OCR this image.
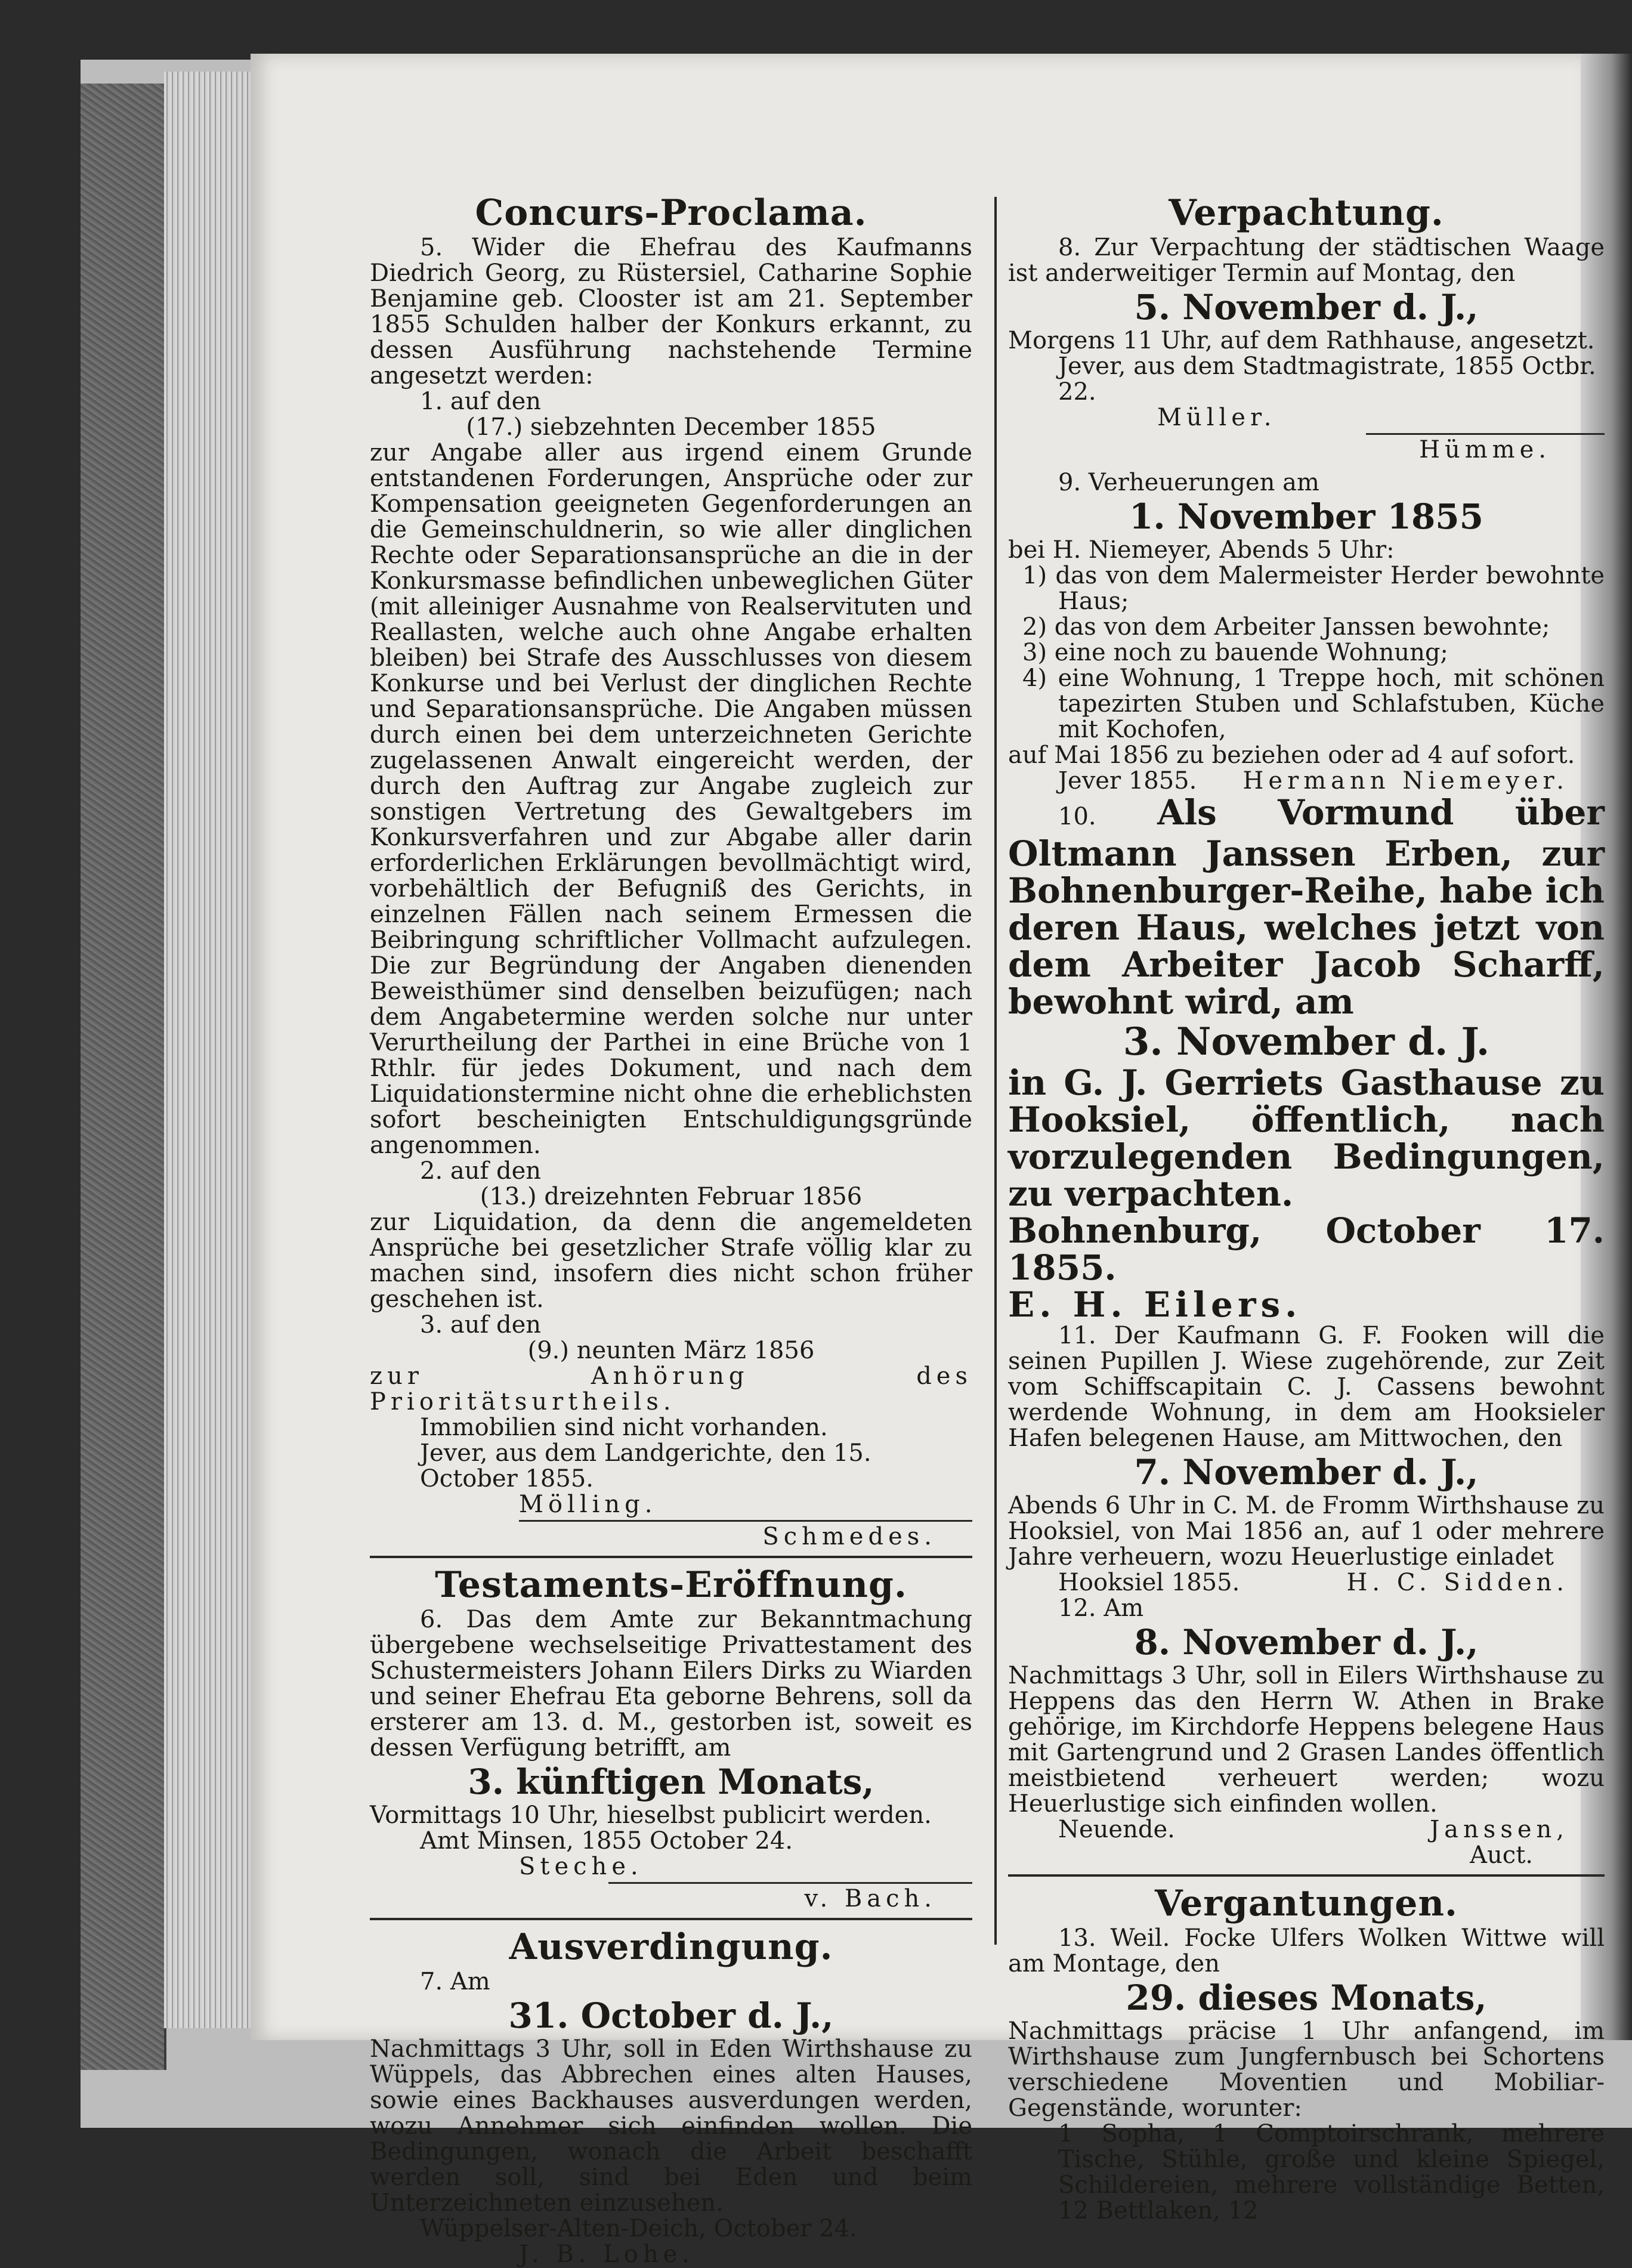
Concurs-Proclama.

5. Wider die Ehefrau des Kaufmanns Diedrich Georg, zu Rüstersiel, Catharine Sophie Benjamine geb. Clooster ist am 21. September 1855 Schulden halber der Konkurs erkannt, zu dessen Ausführung nachstehende Termine angesetzt werden:

1. auf den
(17.) siebzehnten December 1855

zur Angabe aller aus irgend einem Grunde entstandenen Forderungen, Ansprüche oder zur Kompensation geeigneten Gegenforderungen an die Gemeinschuldnerin, so wie aller dinglichen Rechte oder Separationsansprüche an die in der Konkursmasse befindlichen unbeweglichen Güter (mit alleiniger Ausnahme von Realservituten und Reallasten, welche auch ohne Angabe erhalten bleiben) bei Strafe des Ausschlusses von diesem Konkurse und bei Verlust der dinglichen Rechte und Separationsansprüche. Die Angaben müssen durch einen bei dem unterzeichneten Gerichte zugelassenen Anwalt eingereicht werden, der durch den Auftrag zur Angabe zugleich zur sonstigen Vertretung des Gewaltgebers im Konkursverfahren und zur Abgabe aller darin erforderlichen Erklärungen bevollmächtigt wird, vorbehältlich der Befugniß des Gerichts, in einzelnen Fällen nach seinem Ermessen die Beibringung schriftlicher Vollmacht aufzulegen. Die zur Begründung der Angaben dienenden Beweisthümer sind denselben beizufügen; nach dem Angabetermine werden solche nur unter Verurtheilung der Parthei in eine Brüche von 1 Rthlr. für jedes Dokument, und nach dem Liquidationstermine nicht ohne die erheblichsten sofort bescheinigten Entschuldigungsgründe angenommen.

2. auf den
(13.) dreizehnten Februar 1856

zur Liquidation, da denn die angemeldeten Ansprüche bei gesetzlicher Strafe völlig klar zu machen sind, insofern dies nicht schon früher geschehen ist.

3. auf den
(9.) neunten März 1856

zur Anhörung des Prioritätsurtheils.

Immobilien sind nicht vorhanden.
Jever, aus dem Landgerichte, den 15. October 1855.
Mölling.
Schmedes.
Testaments-Eröffnung.

6. Das dem Amte zur Bekanntmachung übergebene wechselseitige Privattestament des Schustermeisters Johann Eilers Dirks zu Wiarden und seiner Ehefrau Eta geborne Behrens, soll da ersterer am 13. d. M., gestorben ist, soweit es dessen Verfügung betrifft, am

3. künftigen Monats,
Vormittags 10 Uhr, hieselbst publicirt werden.
Amt Minsen, 1855 October 24.
Steche.
v. Bach.
Ausverdingung.
7. Am
31. October d. J.,

Nachmittags 3 Uhr, soll in Eden Wirthshause zu Wüppels, das Abbrechen eines alten Hauses, sowie eines Backhauses ausverdungen werden, wozu Annehmer sich einfinden wollen. Die Bedingungen, wonach die Arbeit beschafft werden soll, sind bei Eden und beim Unterzeichneten einzusehen.

Wüppelser-Alten-Deich, October 24.
J. B. Lohe.
Verpachtung.

8. Zur Verpachtung der städtischen Waage ist anderweitiger Termin auf Montag, den

5. November d. J.,
Morgens 11 Uhr, auf dem Rathhause, angesetzt.
Jever, aus dem Stadtmagistrate, 1855 Octbr. 22.
Müller.
Hümme.
9. Verheuerungen am
1. November 1855
bei H. Niemeyer, Abends 5 Uhr:
1) das von dem Malermeister Herder bewohnte Haus;
2) das von dem Arbeiter Janssen bewohnte;
3) eine noch zu bauende Wohnung;
4) eine Wohnung, 1 Treppe hoch, mit schönen tapezirten Stuben und Schlafstuben, Küche mit Kochofen,
auf Mai 1856 zu beziehen oder ad 4 auf sofort.
Jever 1855. Hermann Niemeyer.
10. Als Vormund über Oltmann Janssen Erben, zur Bohnenburger-Reihe, habe ich deren Haus, welches jetzt von dem Arbeiter Jacob Scharff, bewohnt wird, am
3. November d. J.
in G. J. Gerriets Gasthause zu Hooksiel, öffentlich, nach vorzulegenden Bedingungen, zu verpachten.
Bohnenburg, October 17. 1855.
E. H. Eilers.

11. Der Kaufmann G. F. Fooken will die seinen Pupillen J. Wiese zugehörende, zur Zeit vom Schiffscapitain C. J. Cassens bewohnt werdende Wohnung, in dem am Hooksieler Hafen belegenen Hause, am Mittwochen, den

7. November d. J.,

Abends 6 Uhr in C. M. de Fromm Wirthshause zu Hooksiel, von Mai 1856 an, auf 1 oder mehrere Jahre verheuern, wozu Heuerlustige einladet

Hooksiel 1855.	H. C. Sidden.
12. Am
8. November d. J.,

Nachmittags 3 Uhr, soll in Eilers Wirthshause zu Heppens das den Herrn W. Athen in Brake gehörige, im Kirchdorfe Heppens belegene Haus mit Gartengrund und 2 Grasen Landes öffentlich meistbietend verheuert werden; wozu Heuerlustige sich einfinden wollen.

Neuende.	Janssen,
Auct.
Vergantungen.

13. Weil. Focke Ulfers Wolken Wittwe will am Montage, den

29. dieses Monats,

Nachmittags präcise 1 Uhr anfangend, im Wirthshause zum Jungfernbusch bei Schortens verschiedene Moventien und Mobiliar-Gegenstände, worunter:

1 Sopha, 1 Comptoirschrank, mehrere Tische, Stühle, große und kleine Spiegel, Schildereien, mehrere vollständige Betten, 12 Bettlaken, 12
